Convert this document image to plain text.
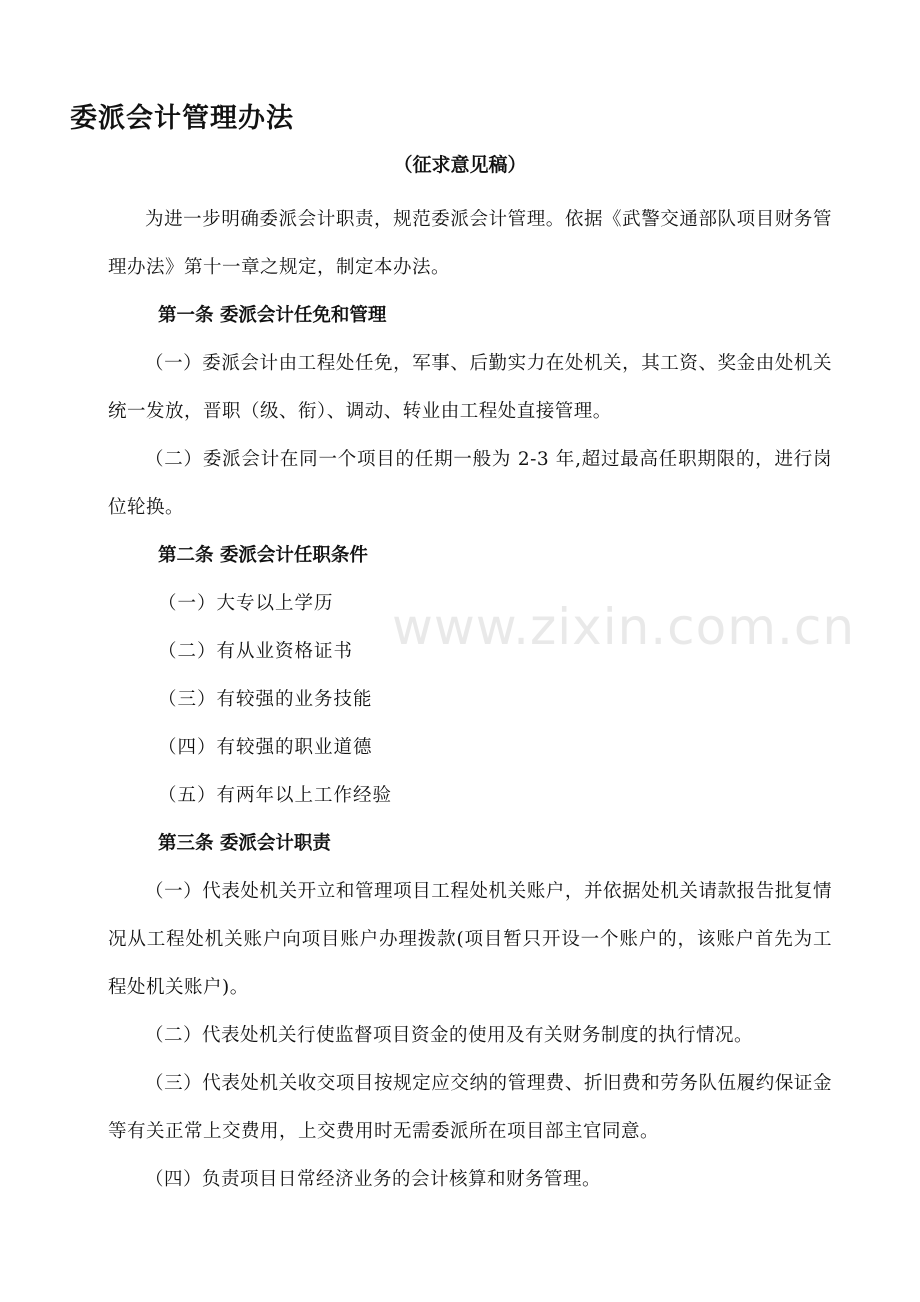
委派会计管理办法
（征求意见稿）

为进一步明确委派会计职责，规范委派会计管理。依据《武警交通部队项目财务管理办法》第十一章之规定，制定本办法。

第一条 委派会计任免和管理

（一）委派会计由工程处任免，军事、后勤实力在处机关，其工资、奖金由处机关统一发放，晋职（级、衔）、调动、转业由工程处直接管理。

（二）委派会计在同一个项目的任期一般为 2-3 年,超过最高任职期限的，进行岗位轮换。

第二条 委派会计任职条件

（一）大专以上学历

（二）有从业资格证书

（三）有较强的业务技能

（四）有较强的职业道德

（五）有两年以上工作经验

第三条 委派会计职责

（一）代表处机关开立和管理项目工程处机关账户，并依据处机关请款报告批复情况从工程处机关账户向项目账户办理拨款(项目暂只开设一个账户的，该账户首先为工程处机关账户)。

（二）代表处机关行使监督项目资金的使用及有关财务制度的执行情况。

（三）代表处机关收交项目按规定应交纳的管理费、折旧费和劳务队伍履约保证金等有关正常上交费用，上交费用时无需委派所在项目部主官同意。

（四）负责项目日常经济业务的会计核算和财务管理。

www.zixin.com.cn
